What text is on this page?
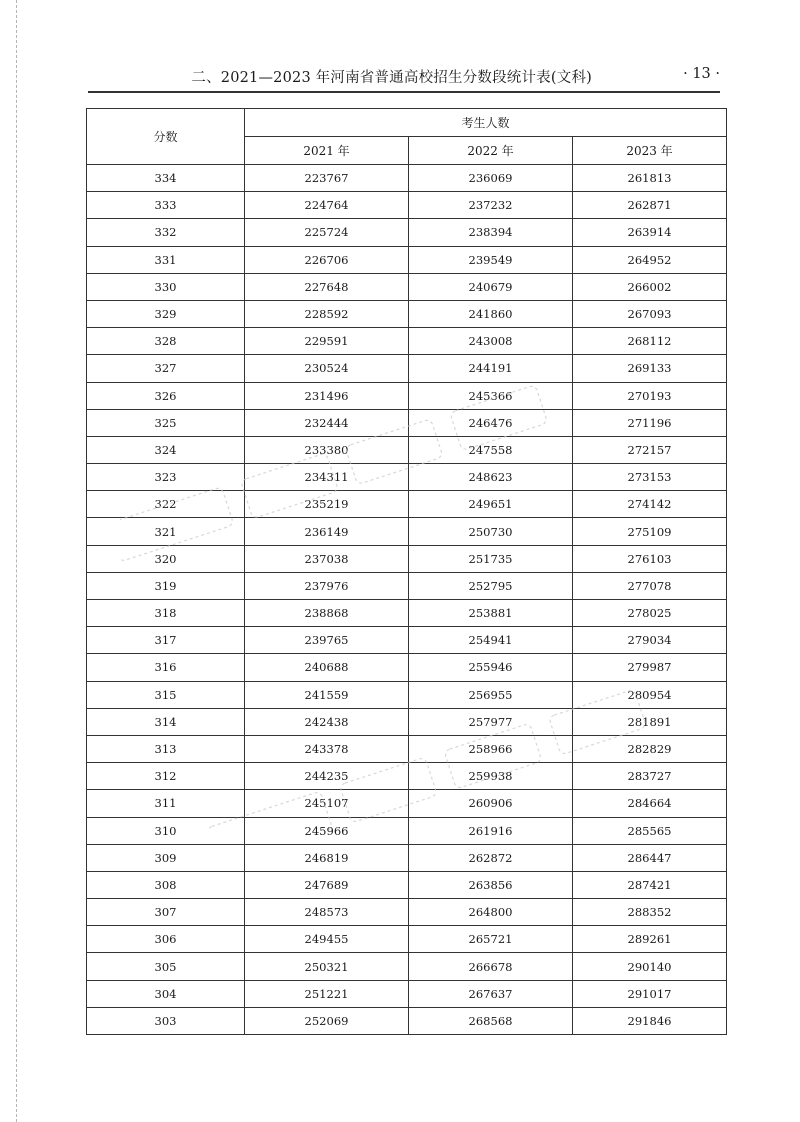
二、2021—2023 年河南省普通高校招生分数段统计表(文科)	· 13 ·
分数	考生人数		
	2021 年	2022 年	2023 年
334	223767	236069	261813
333	224764	237232	262871
332	225724	238394	263914
331	226706	239549	264952
330	227648	240679	266002
329	228592	241860	267093
328	229591	243008	268112
327	230524	244191	269133
326	231496	245366	270193
325	232444	246476	271196
324	233380	247558	272157
323	234311	248623	273153
322	235219	249651	274142
321	236149	250730	275109
320	237038	251735	276103
319	237976	252795	277078
318	238868	253881	278025
317	239765	254941	279034
316	240688	255946	279987
315	241559	256955	280954
314	242438	257977	281891
313	243378	258966	282829
312	244235	259938	283727
311	245107	260906	284664
310	245966	261916	285565
309	246819	262872	286447
308	247689	263856	287421
307	248573	264800	288352
306	249455	265721	289261
305	250321	266678	290140
304	251221	267637	291017
303	252069	268568	291846
